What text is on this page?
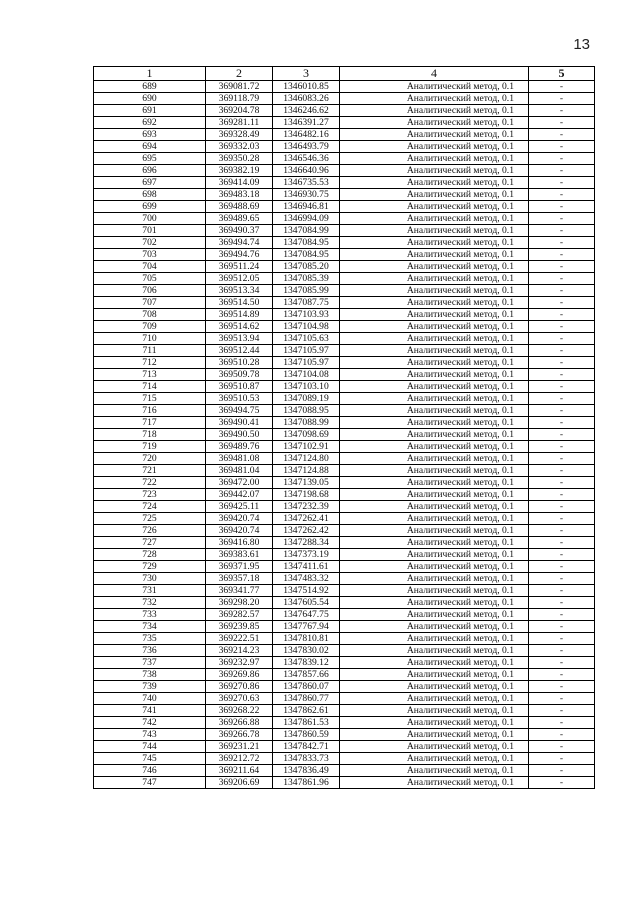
13
1	2	3	4	5
689	369081.72	1346010.85	Аналитический метод, 0.1	-
690	369118.79	1346083.26	Аналитический метод, 0.1	-
691	369204.78	1346246.62	Аналитический метод, 0.1	-
692	369281.11	1346391.27	Аналитический метод, 0.1	-
693	369328.49	1346482.16	Аналитический метод, 0.1	-
694	369332.03	1346493.79	Аналитический метод, 0.1	-
695	369350.28	1346546.36	Аналитический метод, 0.1	-
696	369382.19	1346640.96	Аналитический метод, 0.1	-
697	369414.09	1346735.53	Аналитический метод, 0.1	-
698	369483.18	1346930.75	Аналитический метод, 0.1	-
699	369488.69	1346946.81	Аналитический метод, 0.1	-
700	369489.65	1346994.09	Аналитический метод, 0.1	-
701	369490.37	1347084.99	Аналитический метод, 0.1	-
702	369494.74	1347084.95	Аналитический метод, 0.1	-
703	369494.76	1347084.95	Аналитический метод, 0.1	-
704	369511.24	1347085.20	Аналитический метод, 0.1	-
705	369512.05	1347085.39	Аналитический метод, 0.1	-
706	369513.34	1347085.99	Аналитический метод, 0.1	-
707	369514.50	1347087.75	Аналитический метод, 0.1	-
708	369514.89	1347103.93	Аналитический метод, 0.1	-
709	369514.62	1347104.98	Аналитический метод, 0.1	-
710	369513.94	1347105.63	Аналитический метод, 0.1	-
711	369512.44	1347105.97	Аналитический метод, 0.1	-
712	369510.28	1347105.97	Аналитический метод, 0.1	-
713	369509.78	1347104.08	Аналитический метод, 0.1	-
714	369510.87	1347103.10	Аналитический метод, 0.1	-
715	369510.53	1347089.19	Аналитический метод, 0.1	-
716	369494.75	1347088.95	Аналитический метод, 0.1	-
717	369490.41	1347088.99	Аналитический метод, 0.1	-
718	369490.50	1347098.69	Аналитический метод, 0.1	-
719	369489.76	1347102.91	Аналитический метод, 0.1	-
720	369481.08	1347124.80	Аналитический метод, 0.1	-
721	369481.04	1347124.88	Аналитический метод, 0.1	-
722	369472.00	1347139.05	Аналитический метод, 0.1	-
723	369442.07	1347198.68	Аналитический метод, 0.1	-
724	369425.11	1347232.39	Аналитический метод, 0.1	-
725	369420.74	1347262.41	Аналитический метод, 0.1	-
726	369420.74	1347262.42	Аналитический метод, 0.1	-
727	369416.80	1347288.34	Аналитический метод, 0.1	-
728	369383.61	1347373.19	Аналитический метод, 0.1	-
729	369371.95	1347411.61	Аналитический метод, 0.1	-
730	369357.18	1347483.32	Аналитический метод, 0.1	-
731	369341.77	1347514.92	Аналитический метод, 0.1	-
732	369298.20	1347605.54	Аналитический метод, 0.1	-
733	369282.57	1347647.75	Аналитический метод, 0.1	-
734	369239.85	1347767.94	Аналитический метод, 0.1	-
735	369222.51	1347810.81	Аналитический метод, 0.1	-
736	369214.23	1347830.02	Аналитический метод, 0.1	-
737	369232.97	1347839.12	Аналитический метод, 0.1	-
738	369269.86	1347857.66	Аналитический метод, 0.1	-
739	369270.86	1347860.07	Аналитический метод, 0.1	-
740	369270.63	1347860.77	Аналитический метод, 0.1	-
741	369268.22	1347862.61	Аналитический метод, 0.1	-
742	369266.88	1347861.53	Аналитический метод, 0.1	-
743	369266.78	1347860.59	Аналитический метод, 0.1	-
744	369231.21	1347842.71	Аналитический метод, 0.1	-
745	369212.72	1347833.73	Аналитический метод, 0.1	-
746	369211.64	1347836.49	Аналитический метод, 0.1	-
747	369206.69	1347861.96	Аналитический метод, 0.1	-
